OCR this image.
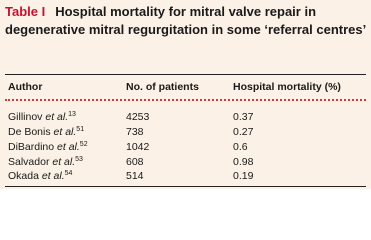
Table I Hospital mortality for mitral valve repair in degenerative mitral regurgitation in some ‘referral centres’
Author	No. of patients	Hospital mortality (%)
Gillinov et al.$^{13}$	4253	0.37
De Bonis et al.$^{51}$	738	0.27
DiBardino et al.$^{52}$	1042	0.6
Salvador et al.$^{53}$	608	0.98
Okada et al.$^{54}$	514	0.19
